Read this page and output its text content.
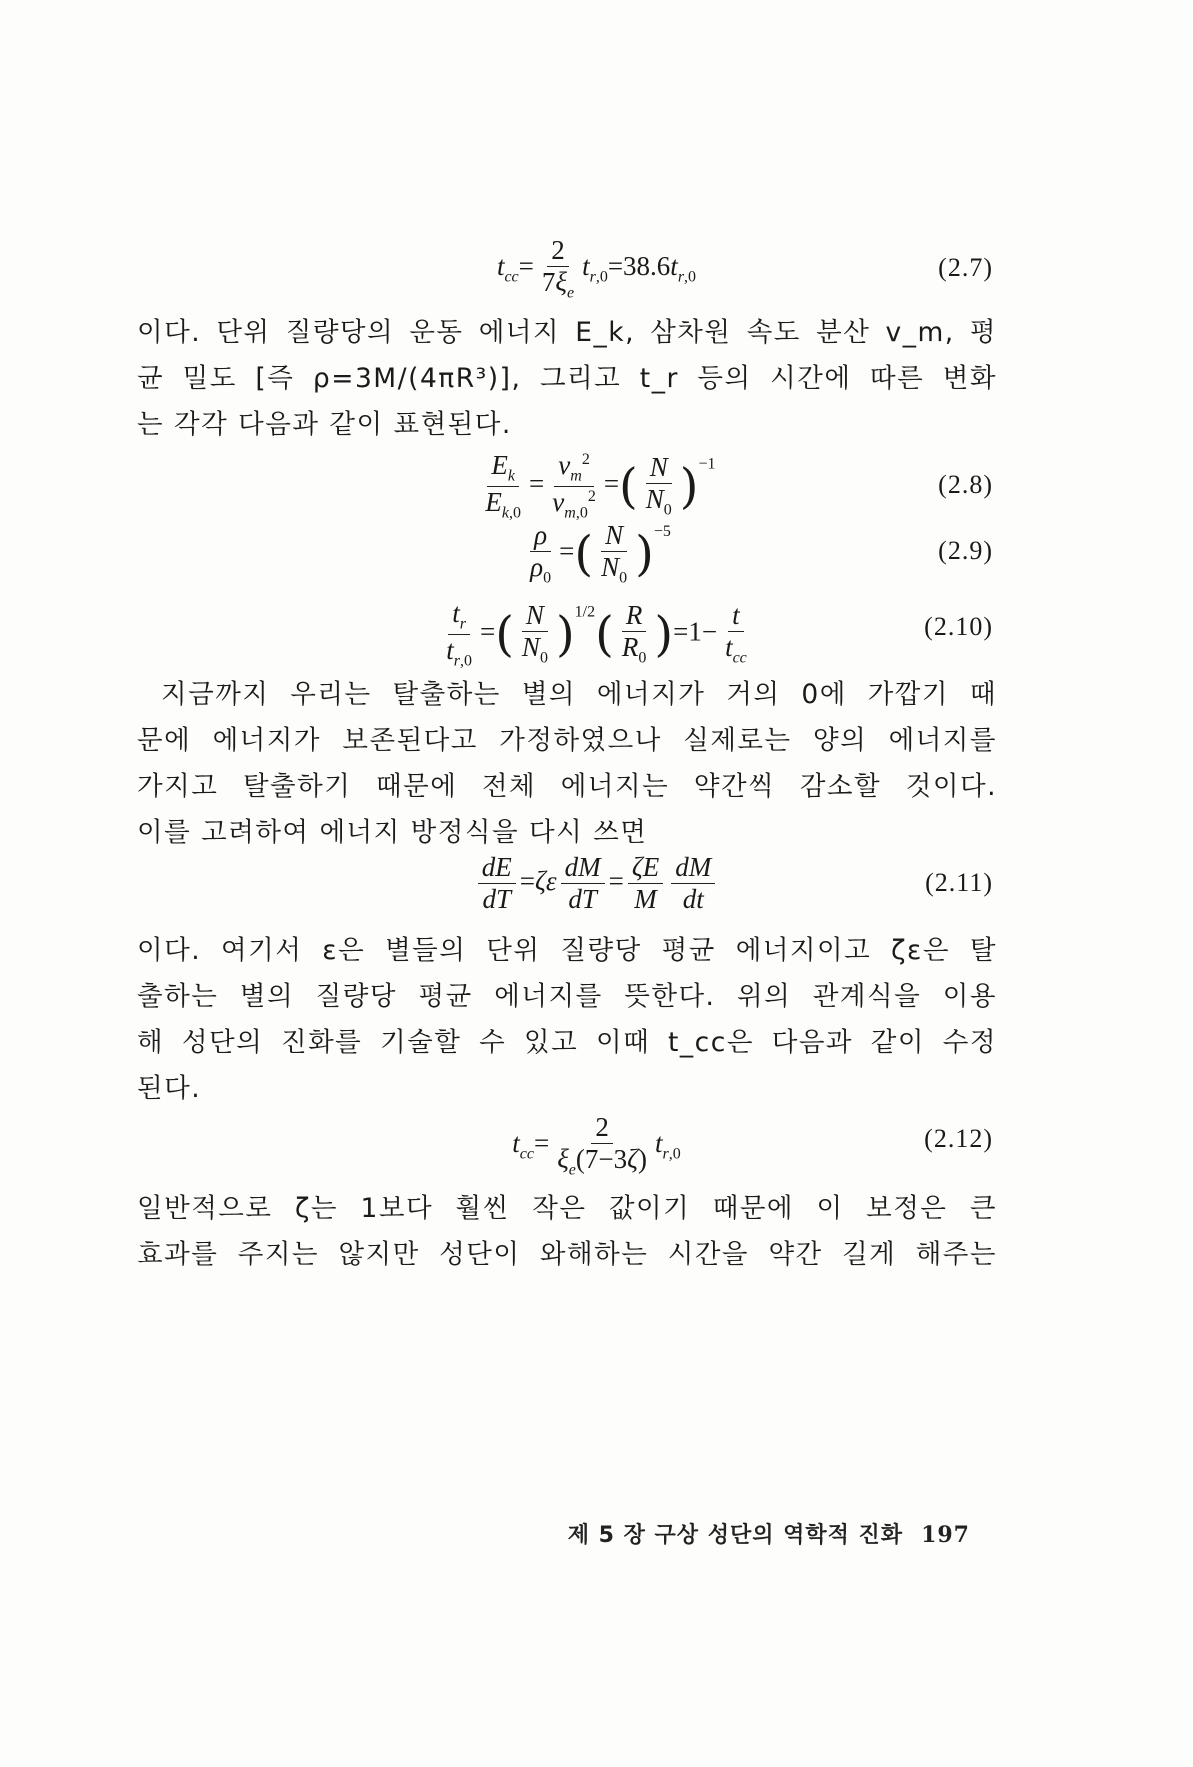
$t_{cc}= \frac{2}{7\xi_e} t_{r,0}=38.6t_{r,0}$	(2.7)
이다. 단위 질량당의 운동 에너지 E_k, 삼차원 속도 분산 v_m, 평
균 밀도 [즉 ρ=3M/(4πR³)], 그리고 t_r 등의 시간에 따른 변화
는 각각 다음과 같이 표현된다.
$\frac{E_k}{E_{k,0}} = \frac{v_m^2}{v_{m,0}^2}$ =( $\frac{N}{N_0} )^{-1}$
(2.8)
$\frac{\rho}{\rho_0}$ =( $\frac{N}{N_0} )^{-5}$
(2.9)
$\frac{t_r}{t_{r,0}}$ =( $\frac{N}{N_0} )^{1/2}( \frac{R}{R_0} )=1- \frac{t}{t_{cc}}$	(2.10)
지금까지 우리는 탈출하는 별의 에너지가 거의 0에 가깝기 때
문에 에너지가 보존된다고 가정하였으나 실제로는 양의 에너지를
가지고 탈출하기 때문에 전체 에너지는 약간씩 감소할 것이다.
이를 고려하여 에너지 방정식을 다시 쓰면
$\frac{dE}{dT} =\zeta\varepsilon \frac{dM}{dT} = \frac{\zeta E}{M} \frac{dM}{dt}$	(2.11)
이다. 여기서 ε은 별들의 단위 질량당 평균 에너지이고 ζε은 탈
출하는 별의 질량당 평균 에너지를 뜻한다. 위의 관계식을 이용
해 성단의 진화를 기술할 수 있고 이때 t_cc은 다음과 같이 수정
된다.
$t_{cc}= \frac{2}{\xi_e(7-3\zeta)} t_{r,0}$
(2.12)
일반적으로 ζ는 1보다 훨씬 작은 값이기 때문에 이 보정은 큰
효과를 주지는 않지만 성단이 와해하는 시간을 약간 길게 해주는
제 5 장 구상 성단의 역학적 진화 197
